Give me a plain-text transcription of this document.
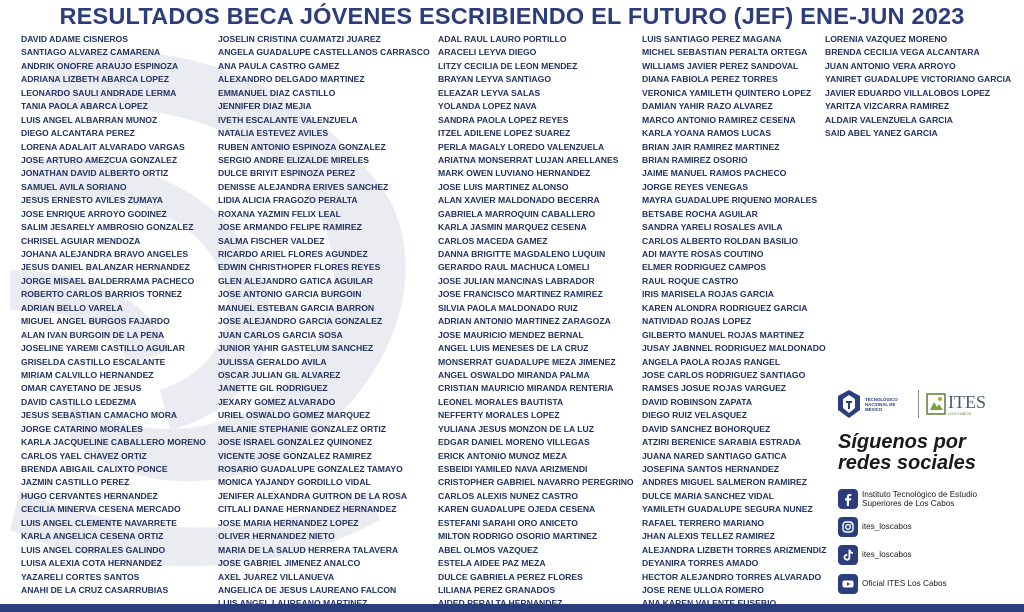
RESULTADOS BECA JÓVENES ESCRIBIENDO EL FUTURO (JEF) ENE-JUN 2023
DAVID ADAME CISNEROS
SANTIAGO ALVAREZ CAMARENA
ANDRIK ONOFRE ARAUJO ESPINOZA
ADRIANA LIZBETH ABARCA LOPEZ
LEONARDO SAULI ANDRADE LERMA
TANIA PAOLA ABARCA LOPEZ
LUIS ANGEL ALBARRAN MUNOZ
DIEGO ALCANTARA PEREZ
LORENA ADALAIT ALVARADO VARGAS
JOSE ARTURO AMEZCUA GONZALEZ
JONATHAN DAVID ALBERTO ORTIZ
SAMUEL AVILA SORIANO
JESUS ERNESTO AVILES ZUMAYA
JOSE ENRIQUE ARROYO GODINEZ
SALIM JESARELY AMBROSIO GONZALEZ
CHRISEL AGUIAR MENDOZA
JOHANA ALEJANDRA BRAVO ANGELES
JESUS DANIEL BALANZAR HERNANDEZ
JORGE MISAEL BALDERRAMA PACHECO
ROBERTO CARLOS BARRIOS TORNEZ
ADRIAN BELLO VARELA
MIGUEL ANGEL BURGOS FAJARDO
ALAN IVAN BURGOIN DE LA PENA
JOSELINE YAREMI CASTILLO AGUILAR
GRISELDA CASTILLO ESCALANTE
MIRIAM CALVILLO HERNANDEZ
OMAR CAYETANO DE JESUS
DAVID CASTILLO LEDEZMA
JESUS SEBASTIAN CAMACHO MORA
JORGE CATARINO MORALES
KARLA JACQUELINE CABALLERO MORENO
CARLOS YAEL CHAVEZ ORTIZ
BRENDA ABIGAIL CALIXTO PONCE
JAZMIN CASTILLO PEREZ
HUGO CERVANTES HERNANDEZ
CECILIA MINERVA CESENA MERCADO
LUIS ANGEL CLEMENTE NAVARRETE
KARLA ANGELICA CESENA ORTIZ
LUIS ANGEL CORRALES GALINDO
LUISA ALEXIA COTA HERNANDEZ
YAZARELI CORTES SANTOS
ANAHI DE LA CRUZ CASARRUBIAS
JOSELIN CRISTINA CUAMATZI JUAREZ
ANGELA GUADALUPE CASTELLANOS CARRASCO
ANA PAULA CASTRO GAMEZ
ALEXANDRO DELGADO MARTINEZ
EMMANUEL DIAZ CASTILLO
JENNIFER DIAZ MEJIA
IVETH ESCALANTE VALENZUELA
NATALIA ESTEVEZ AVILES
RUBEN ANTONIO ESPINOZA GONZALEZ
SERGIO ANDRE ELIZALDE MIRELES
DULCE BRIYIT ESPINOZA PEREZ
DENISSE ALEJANDRA ERIVES SANCHEZ
LIDIA ALICIA FRAGOZO PERALTA
ROXANA YAZMIN FELIX LEAL
JOSE ARMANDO FELIPE RAMIREZ
SALMA FISCHER VALDEZ
RICARDO ARIEL FLORES AGUNDEZ
EDWIN CHRISTHOPER FLORES REYES
GLEN ALEJANDRO GATICA AGUILAR
JOSE ANTONIO GARCIA BURGOIN
MANUEL ESTEBAN GARCIA BARRON
JOSE ALEJANDRO GARCIA GONZALEZ
JUAN CARLOS GARCIA SOSA
JUNIOR YAHIR GASTELUM SANCHEZ
JULISSA GERALDO AVILA
OSCAR JULIAN GIL ALVAREZ
JANETTE GIL RODRIGUEZ
JEXARY GOMEZ ALVARADO
URIEL OSWALDO GOMEZ MARQUEZ
MELANIE STEPHANIE GONZALEZ ORTIZ
JOSE ISRAEL GONZALEZ QUINONEZ
VICENTE JOSE GONZALEZ RAMIREZ
ROSARIO GUADALUPE GONZALEZ TAMAYO
MONICA YAJANDY GORDILLO VIDAL
JENIFER ALEXANDRA GUITRON DE LA ROSA
CITLALI DANAE HERNANDEZ HERNANDEZ
JOSE MARIA HERNANDEZ LOPEZ
OLIVER HERNANDEZ NIETO
MARIA DE LA SALUD HERRERA TALAVERA
JOSE GABRIEL JIMENEZ ANALCO
AXEL JUAREZ VILLANUEVA
ANGELICA DE JESUS LAUREANO FALCON
ADAL RAUL LAURO PORTILLO
ARACELI LEYVA DIEGO
LITZY CECILIA DE LEON MENDEZ
BRAYAN LEYVA SANTIAGO
ELEAZAR LEYVA SALAS
YOLANDA LOPEZ NAVA
SANDRA PAOLA LOPEZ REYES
ITZEL ADILENE LOPEZ SUAREZ
PERLA MAGALY LOREDO VALENZUELA
ARIATNA MONSERRAT LUJAN ARELLANES
MARK OWEN LUVIANO HERNANDEZ
JOSE LUIS MARTINEZ ALONSO
ALAN XAVIER MALDONADO BECERRA
GABRIELA MARROQUIN CABALLERO
KARLA JASMIN MARQUEZ CESENA
CARLOS MACEDA GAMEZ
DANNA BRIGITTE MAGDALENO LUQUIN
GERARDO RAUL MACHUCA LOMELI
JOSE JULIAN MANCINAS LABRADOR
JOSE FRANCISCO MARTINEZ RAMIREZ
SILVIA PAOLA MALDONADO RUIZ
ADRIAN ANTONIO MARTINEZ ZARAGOZA
JOSE MAURICIO MENDEZ BERNAL
ANGEL LUIS MENESES DE LA CRUZ
MONSERRAT GUADALUPE MEZA JIMENEZ
ANGEL OSWALDO MIRANDA PALMA
CRISTIAN MAURICIO MIRANDA RENTERIA
LEONEL MORALES BAUTISTA
NEFFERTY MORALES LOPEZ
YULIANA JESUS MONZON DE LA LUZ
EDGAR DANIEL MORENO VILLEGAS
ERICK ANTONIO MUNOZ MEZA
ESBEIDI YAMILED NAVA ARIZMENDI
CRISTOPHER GABRIEL NAVARRO PEREGRINO
CARLOS ALEXIS NUNEZ CASTRO
KAREN GUADALUPE OJEDA CESENA
ESTEFANI SARAHI ORO ANICETO
MILTON RODRIGO OSORIO MARTINEZ
ABEL OLMOS VAZQUEZ
ESTELA AIDEE PAZ MEZA
DULCE GABRIELA PEREZ FLORES
LILIANA PEREZ GRANADOS
LUIS SANTIAGO PEREZ MAGANA
MICHEL SEBASTIAN PERALTA ORTEGA
WILLIAMS JAVIER PEREZ SANDOVAL
DIANA FABIOLA PEREZ TORRES
VERONICA YAMILETH QUINTERO LOPEZ
DAMIAN YAHIR RAZO ALVAREZ
MARCO ANTONIO RAMIREZ CESENA
KARLA YOANA RAMOS LUCAS
BRIAN JAIR RAMIREZ MARTINEZ
BRIAN RAMIREZ OSORIO
JAIME MANUEL RAMOS PACHECO
JORGE REYES VENEGAS
MAYRA GUADALUPE RIQUENO MORALES
BETSABE ROCHA AGUILAR
SANDRA YARELI ROSALES AVILA
CARLOS ALBERTO ROLDAN BASILIO
ADI MAYTE ROSAS COUTINO
ELMER RODRIGUEZ CAMPOS
RAUL ROQUE CASTRO
IRIS MARISELA ROJAS GARCIA
KAREN ALONDRA RODRIGUEZ GARCIA
NATIVIDAD ROJAS LOPEZ
GILBERTO MANUEL ROJAS MARTINEZ
JUSAY JABNNEL RODRIGUEZ MALDONADO
ANGELA PAOLA ROJAS RANGEL
JOSE CARLOS RODRIGUEZ SANTIAGO
RAMSES JOSUE ROJAS VARGUEZ
DAVID ROBINSON ZAPATA
DIEGO RUIZ VELASQUEZ
DAVID SANCHEZ BOHORQUEZ
ATZIRI BERENICE SARABIA ESTRADA
JUANA NARED SANTIAGO GATICA
JOSEFINA SANTOS HERNANDEZ
ANDRES MIGUEL SALMERON RAMIREZ
DULCE MARIA SANCHEZ VIDAL
YAMILETH GUADALUPE SEGURA NUNEZ
RAFAEL TERRERO MARIANO
JHAN ALEXIS TELLEZ RAMIREZ
ALEJANDRA LIZBETH TORRES ARIZMENDIZ
DEYANIRA TORRES AMADO
HECTOR ALEJANDRO TORRES ALVARADO
JOSE RENE ULLOA ROMERO
LORENIA VAZQUEZ MORENO
BRENDA CECILIA VEGA ALCANTARA
JUAN ANTONIO VERA ARROYO
YANIRET GUADALUPE VICTORIANO GARCIA
JAVIER EDUARDO VILLALOBOS LOPEZ
YARITZA VIZCARRA RAMIREZ
ALDAIR VALENZUELA GARCIA
SAID ABEL YANEZ GARCIA
TECNOLÓGICO
NACIONAL DE MÉXICO	ITES
LOS CABOS
Síguenos por
redes sociales
Instituto Tecnológico de Estudio
Superiores de Los Cabos
ites_loscabos
ites_loscabos
Oficial ITES Los Cabos
